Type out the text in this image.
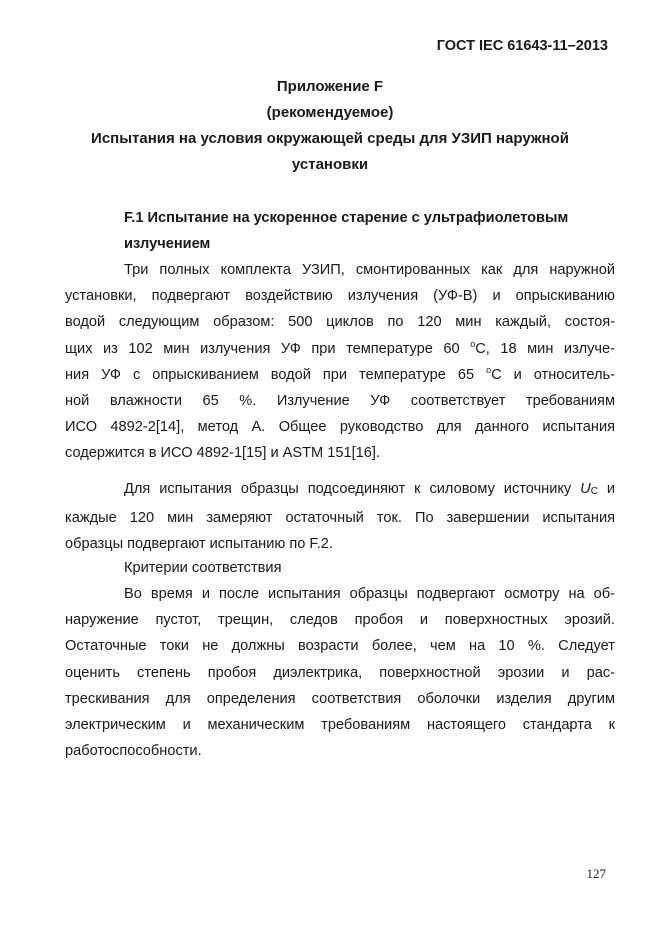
ГОСТ IEC 61643-11–2013
Приложение F
(рекомендуемое)
Испытания на условия окружающей среды для УЗИП наружной
установки
F.1 Испытание на ускоренное старение с ультрафиолетовым
излучением
Три полных комплекта УЗИП, смонтированных как для наружной
установки, подвергают воздействию излучения (УФ-В) и опрыскиванию
водой следующим образом: 500 циклов по 120 мин каждый, состоя-
щих из 102 мин излучения УФ при температуре 60 $^o$С, 18 мин излуче-
ния УФ с опрыскиванием водой при температуре 65 $^o$С и относитель-
ной влажности 65 %. Излучение УФ соответствует требованиям
ИСО 4892-2[14], метод А. Общее руководство для данного испытания
содержится в ИСО 4892-1[15] и ASTM 151[16].
Для испытания образцы подсоединяют к силовому источнику UC и
каждые 120 мин замеряют остаточный ток. По завершении испытания
образцы подвергают испытанию по F.2.
Критерии соответствия
Во время и после испытания образцы подвергают осмотру на об-
наружение пустот, трещин, следов пробоя и поверхностных эрозий.
Остаточные токи не должны возрасти более, чем на 10 %. Следует
оценить степень пробоя диэлектрика, поверхностной эрозии и рас-
трескивания для определения соответствия оболочки изделия другим
электрическим и механическим требованиям настоящего стандарта к
работоспособности.
127
